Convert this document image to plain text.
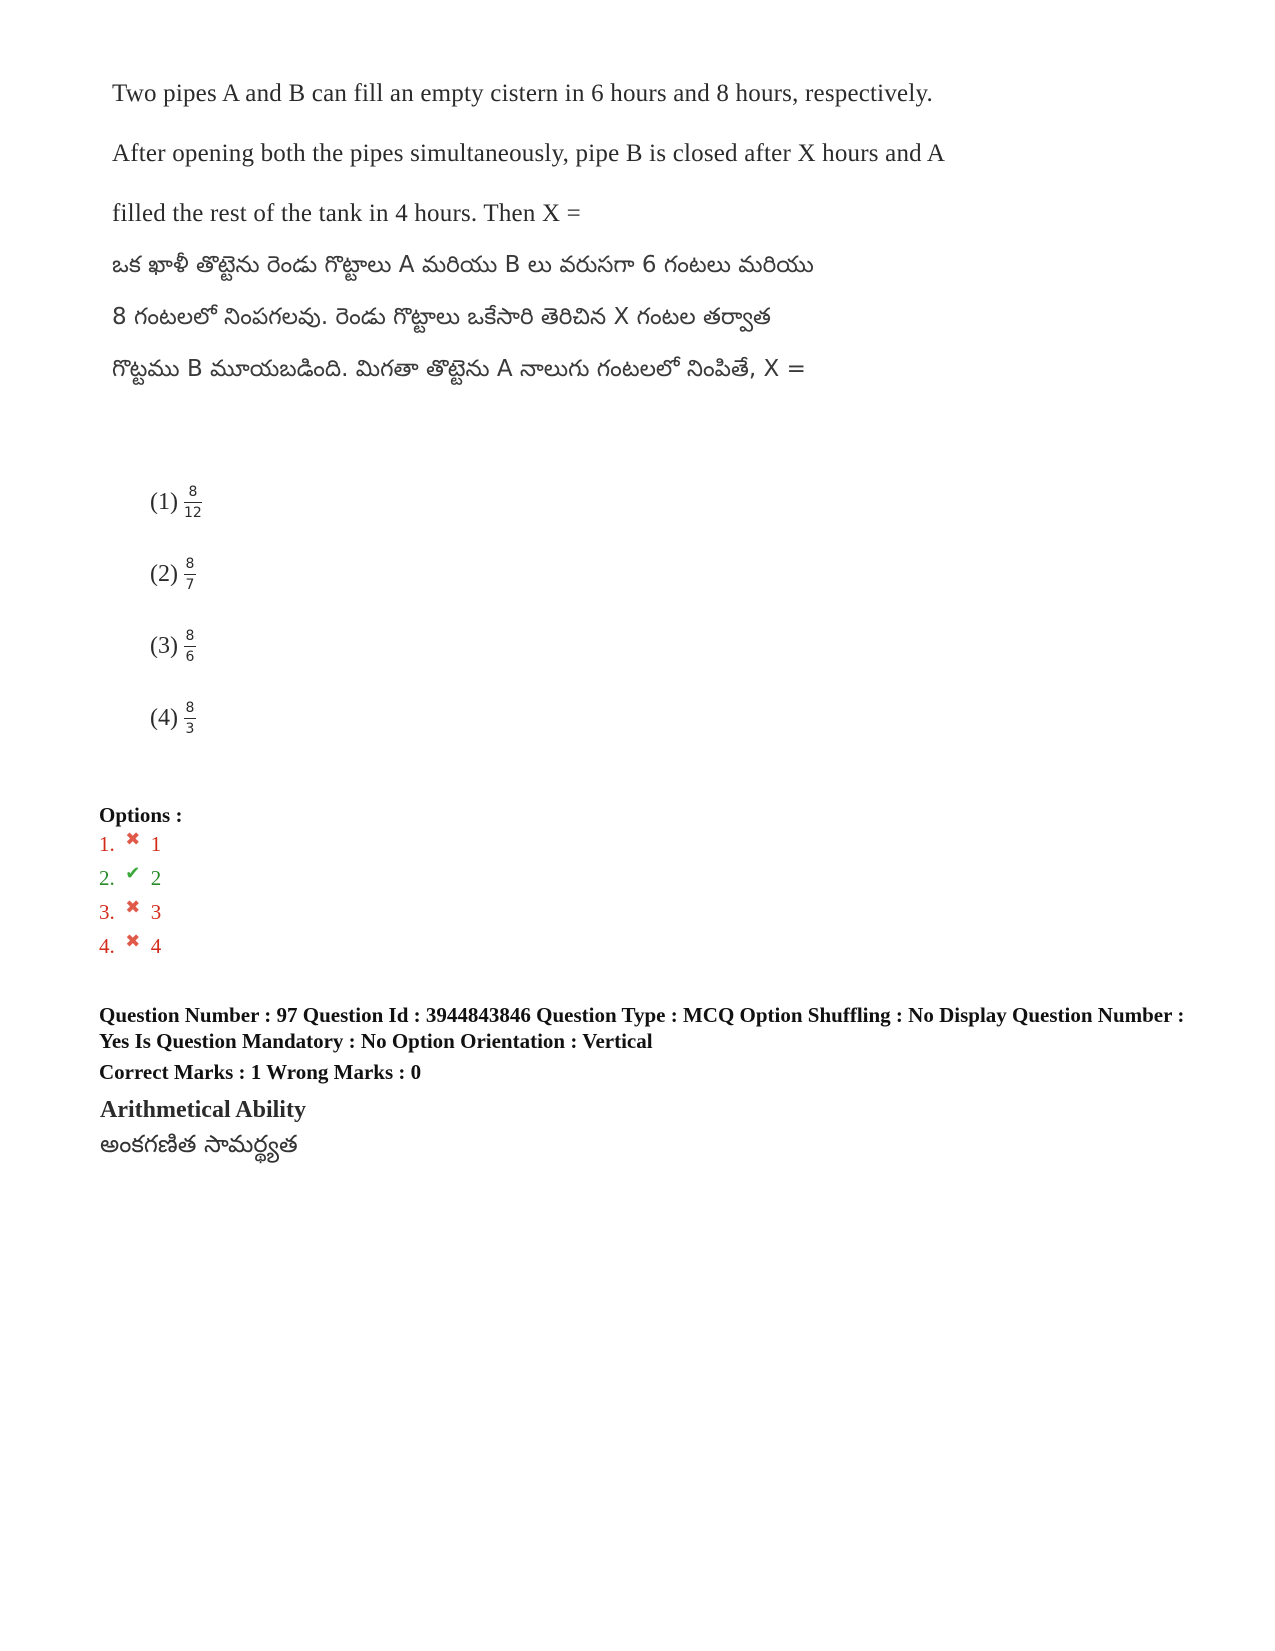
Two pipes A and B can fill an empty cistern in 6 hours and 8 hours, respectively.
After opening both the pipes simultaneously, pipe B is closed after X hours and A
filled the rest of the tank in 4 hours. Then X =
ఒక ఖాళీ తొట్టెను రెండు గొట్టాలు A మరియు B లు వరుసగా 6 గంటలు మరియు
8 గంటలలో నింపగలవు. రెండు గొట్టాలు ఒకేసారి తెరిచిన X గంటల తర్వాత
గొట్టము B మూయబడింది. మిగతా తొట్టెను A నాలుగు గంటలలో నింపితే, X =
$(1) \frac{8}{12}$
$(2) \frac{8}{7}$
$(3) \frac{8}{6}$
$(4) \frac{8}{3}$
Options :
1. ✖ 1
2. ✔ 2
3. ✖ 3
4. ✖ 4
Question Number : 97 Question Id : 3944843846 Question Type : MCQ Option Shuffling : No Display Question Number : Yes Is Question Mandatory : No Option Orientation : Vertical
Correct Marks : 1 Wrong Marks : 0
Arithmetical Ability
అంకగణిత సామర్థ్యత
